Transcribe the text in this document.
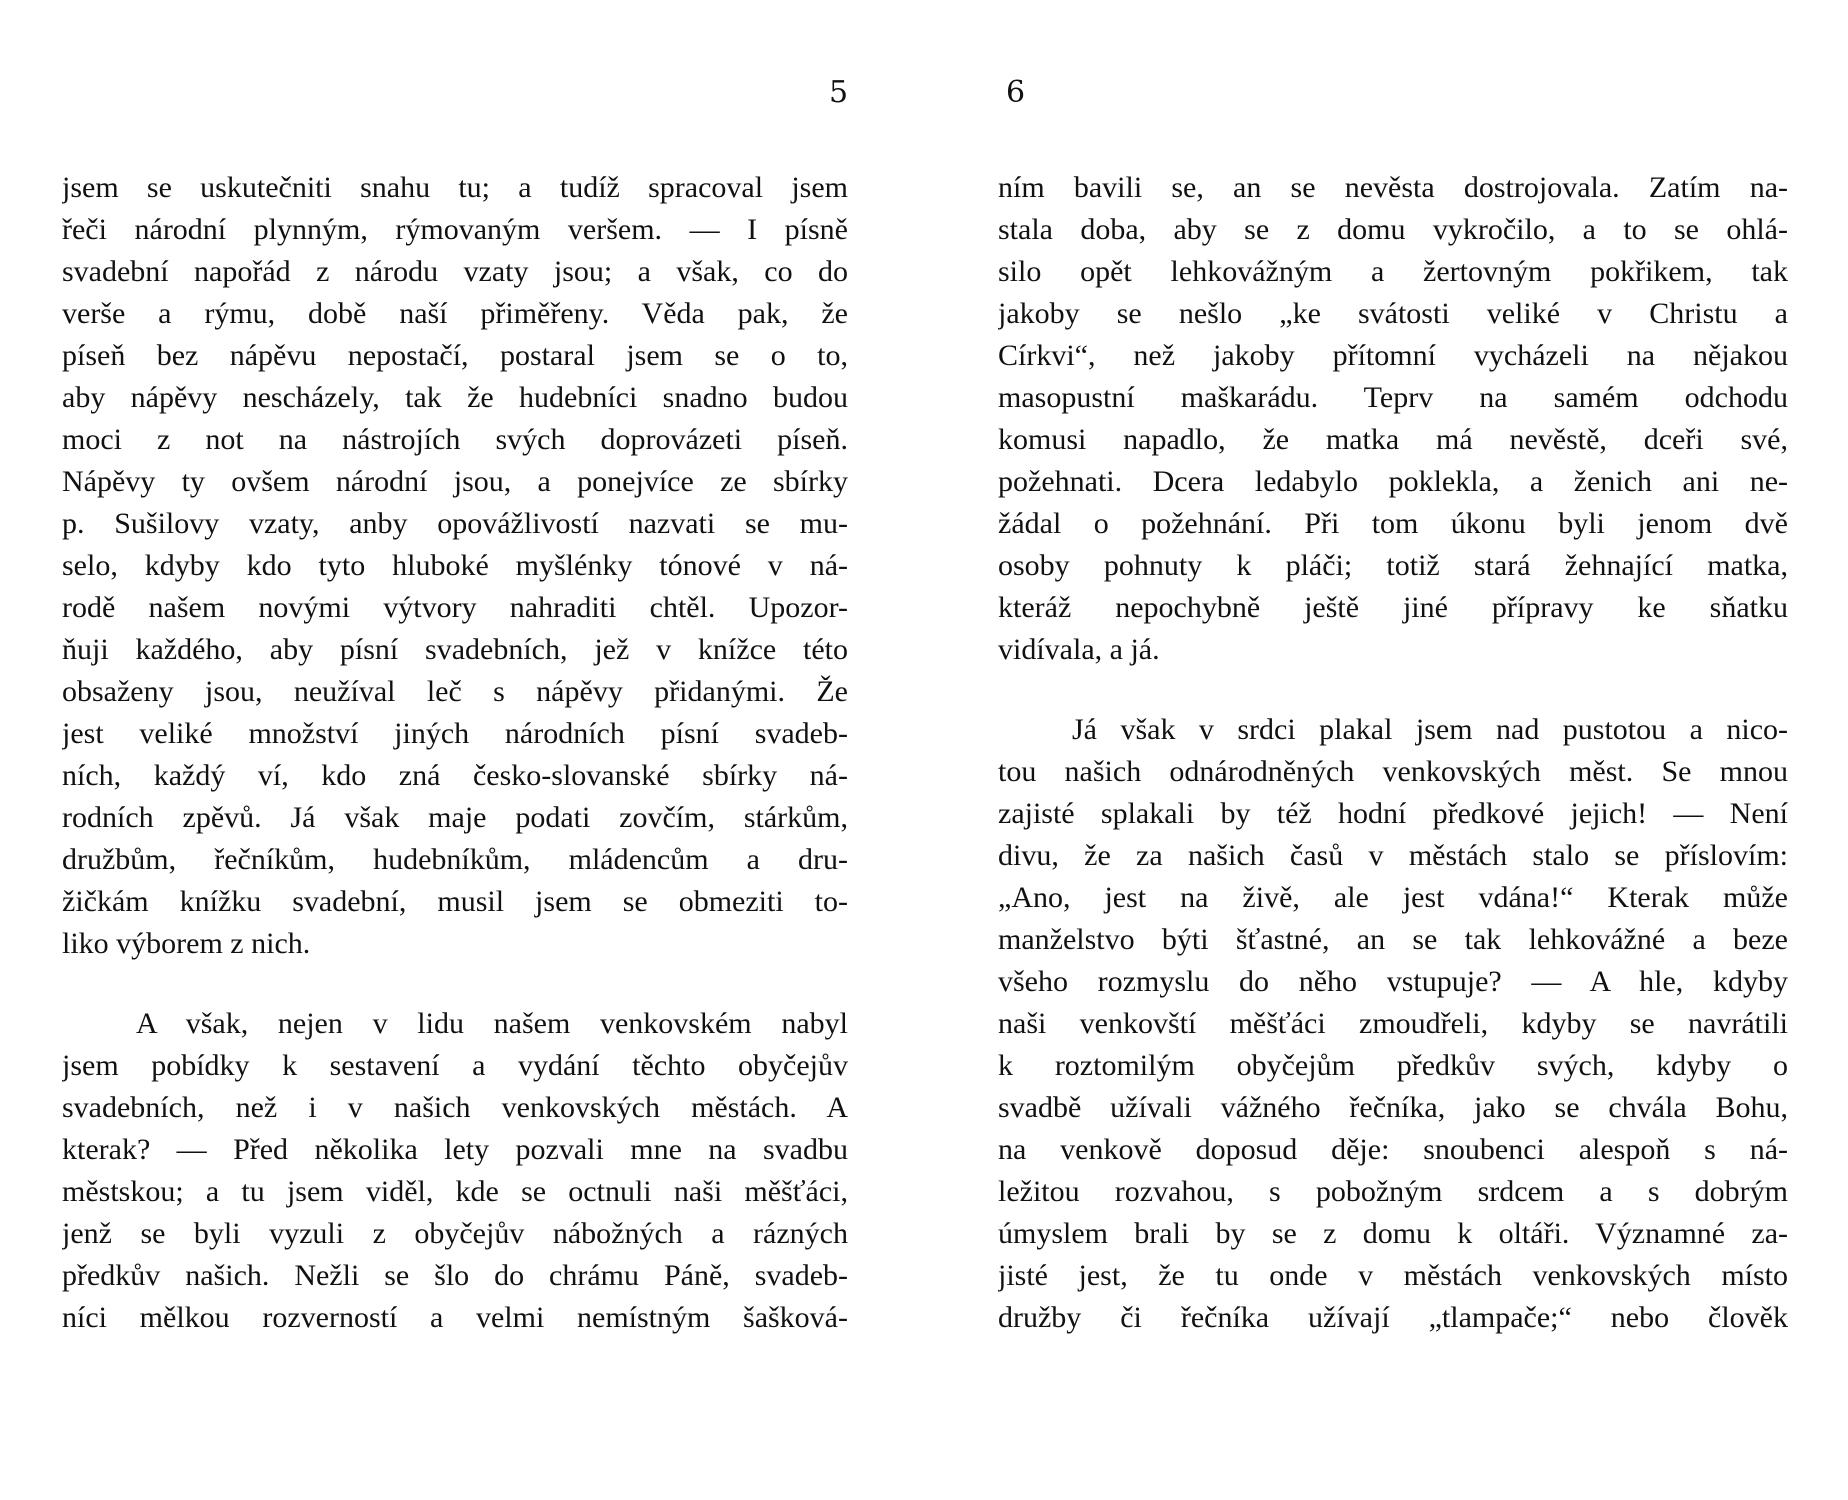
5	6
jsem se uskutečniti snahu tu; a tudíž spracoval jsem
řeči národní plynným, rýmovaným veršem. — I písně
svadební napořád z národu vzaty jsou; a však, co do
verše a rýmu, době naší přiměřeny. Věda pak, že
píseň bez nápěvu nepostačí, postaral jsem se o to,
aby nápěvy nescházely, tak že hudebníci snadno budou
moci z not na nástrojích svých doprovázeti píseň.
Nápěvy ty ovšem národní jsou, a ponejvíce ze sbírky
p. Sušilovy vzaty, anby opovážlivostí nazvati se mu-
selo, kdyby kdo tyto hluboké myšlénky tónové v ná-
rodě našem novými výtvory nahraditi chtěl. Upozor-
ňuji každého, aby písní svadebních, jež v knížce této
obsaženy jsou, neužíval leč s nápěvy přidanými. Že
jest veliké množství jiných národních písní svadeb-
ních, každý ví, kdo zná česko-slovanské sbírky ná-
rodních zpěvů. Já však maje podati zovčím, stárkům,
družbům, řečníkům, hudebníkům, mládencům a dru-
žičkám knížku svadební, musil jsem se obmeziti to-
liko výborem z nich.
A však, nejen v lidu našem venkovském nabyl
jsem pobídky k sestavení a vydání těchto obyčejův
svadebních, než i v našich venkovských městách. A
kterak? — Před několika lety pozvali mne na svadbu
městskou; a tu jsem viděl, kde se octnuli naši měšťáci,
jenž se byli vyzuli z obyčejův nábožných a rázných
předkův našich. Nežli se šlo do chrámu Páně, svadeb-
níci mělkou rozverností a velmi nemístným šašková-
ním bavili se, an se nevěsta dostrojovala. Zatím na-
stala doba, aby se z domu vykročilo, a to se ohlá-
silo opět lehkovážným a žertovným pokřikem, tak
jakoby se nešlo „ke svátosti veliké v Christu a
Církvi“, než jakoby přítomní vycházeli na nějakou
masopustní maškarádu. Teprv na samém odchodu
komusi napadlo, že matka má nevěstě, dceři své,
požehnati. Dcera ledabylo poklekla, a ženich ani ne-
žádal o požehnání. Při tom úkonu byli jenom dvě
osoby pohnuty k pláči; totiž stará žehnající matka,
kteráž nepochybně ještě jiné přípravy ke sňatku
vidívala, a já.
Já však v srdci plakal jsem nad pustotou a nico-
tou našich odnárodněných venkovských měst. Se mnou
zajisté splakali by též hodní předkové jejich! — Není
divu, že za našich časů v městách stalo se příslovím:
„Ano, jest na živě, ale jest vdána!“ Kterak může
manželstvo býti šťastné, an se tak lehkovážné a beze
všeho rozmyslu do něho vstupuje? — A hle, kdyby
naši venkovští měšťáci zmoudřeli, kdyby se navrátili
k roztomilým obyčejům předkův svých, kdyby o
svadbě užívali vážného řečníka, jako se chvála Bohu,
na venkově doposud děje: snoubenci alespoň s ná-
ležitou rozvahou, s pobožným srdcem a s dobrým
úmyslem brali by se z domu k oltáři. Významné za-
jisté jest, že tu onde v městách venkovských místo
družby či řečníka užívají „tlampače;“ nebo člověk
